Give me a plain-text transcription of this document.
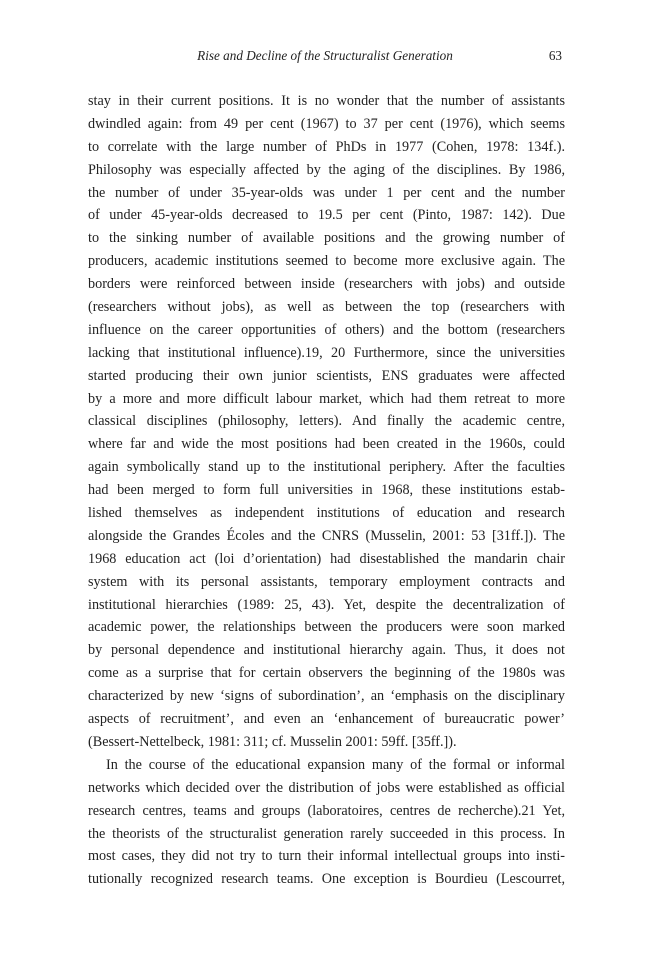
Rise and Decline of the Structuralist Generation	63
stay in their current positions. It is no wonder that the number of assistants
dwindled again: from 49 per cent (1967) to 37 per cent (1976), which seems
to correlate with the large number of PhDs in 1977 (Cohen, 1978: 134f.).
Philosophy was especially affected by the aging of the disciplines. By 1986,
the number of under 35-year-olds was under 1 per cent and the number
of under 45-year-olds decreased to 19.5 per cent (Pinto, 1987: 142). Due
to the sinking number of available positions and the growing number of
producers, academic institutions seemed to become more exclusive again. The
borders were reinforced between inside (researchers with jobs) and outside
(researchers without jobs), as well as between the top (researchers with
influence on the career opportunities of others) and the bottom (researchers
lacking that institutional influence).19, 20 Furthermore, since the universities
started producing their own junior scientists, ENS graduates were affected
by a more and more difficult labour market, which had them retreat to more
classical disciplines (philosophy, letters). And finally the academic centre,
where far and wide the most positions had been created in the 1960s, could
again symbolically stand up to the institutional periphery. After the faculties
had been merged to form full universities in 1968, these institutions estab-
lished themselves as independent institutions of education and research
alongside the Grandes Écoles and the CNRS (Musselin, 2001: 53 [31ff.]). The
1968 education act (loi d’orientation) had disestablished the mandarin chair
system with its personal assistants, temporary employment contracts and
institutional hierarchies (1989: 25, 43). Yet, despite the decentralization of
academic power, the relationships between the producers were soon marked
by personal dependence and institutional hierarchy again. Thus, it does not
come as a surprise that for certain observers the beginning of the 1980s was
characterized by new ‘signs of subordination’, an ‘emphasis on the disciplinary
aspects of recruitment’, and even an ‘enhancement of bureaucratic power’
(Bessert-Nettelbeck, 1981: 311; cf. Musselin 2001: 59ff. [35ff.]).
In the course of the educational expansion many of the formal or informal
networks which decided over the distribution of jobs were established as official
research centres, teams and groups (laboratoires, centres de recherche).21 Yet,
the theorists of the structuralist generation rarely succeeded in this process. In
most cases, they did not try to turn their informal intellectual groups into insti-
tutionally recognized research teams. One exception is Bourdieu (Lescourret,
